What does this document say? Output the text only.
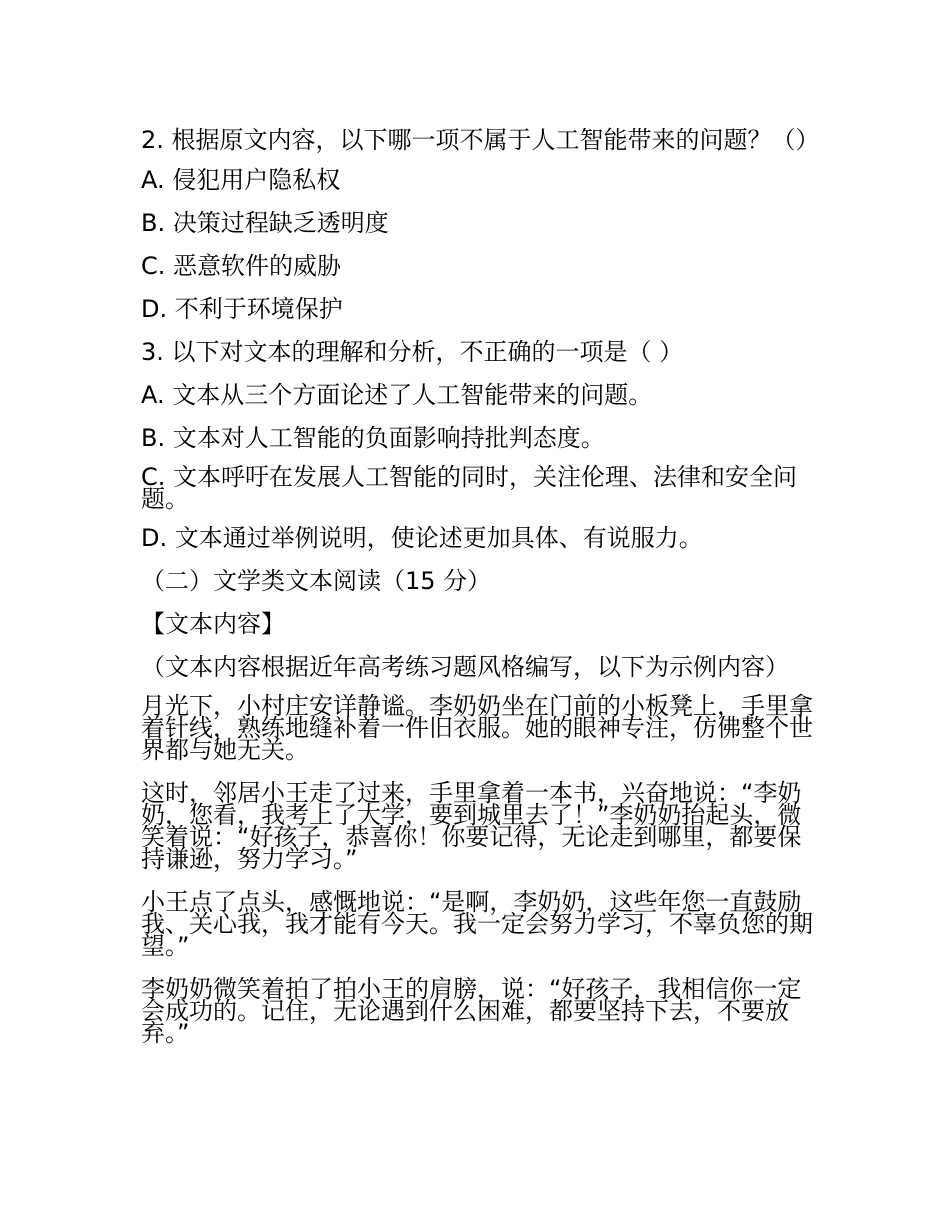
2. 根据原文内容，以下哪一项不属于人工智能带来的问题？（）
A. 侵犯用户隐私权
B. 决策过程缺乏透明度
C. 恶意软件的威胁
D. 不利于环境保护
3. 以下对文本的理解和分析，不正确的一项是（ ）
A. 文本从三个方面论述了人工智能带来的问题。
B. 文本对人工智能的负面影响持批判态度。
C. 文本呼吁在发展人工智能的同时，关注伦理、法律和安全问题。
D. 文本通过举例说明，使论述更加具体、有说服力。
（二）文学类文本阅读（15 分）
【文本内容】
（文本内容根据近年高考练习题风格编写，以下为示例内容）
月光下，小村庄安详静谧。李奶奶坐在门前的小板凳上，手里拿着针线，熟练地缝补着一件旧衣服。她的眼神专注，仿佛整个世界都与她无关。
这时，邻居小王走了过来，手里拿着一本书，兴奋地说：“李奶奶，您看，我考上了大学，要到城里去了！”李奶奶抬起头，微笑着说：“好孩子，恭喜你！你要记得，无论走到哪里，都要保持谦逊，努力学习。”
小王点了点头，感慨地说：“是啊，李奶奶，这些年您一直鼓励我、关心我，我才能有今天。我一定会努力学习，不辜负您的期望。”
李奶奶微笑着拍了拍小王的肩膀，说：“好孩子，我相信你一定会成功的。记住，无论遇到什么困难，都要坚持下去，不要放弃。”
